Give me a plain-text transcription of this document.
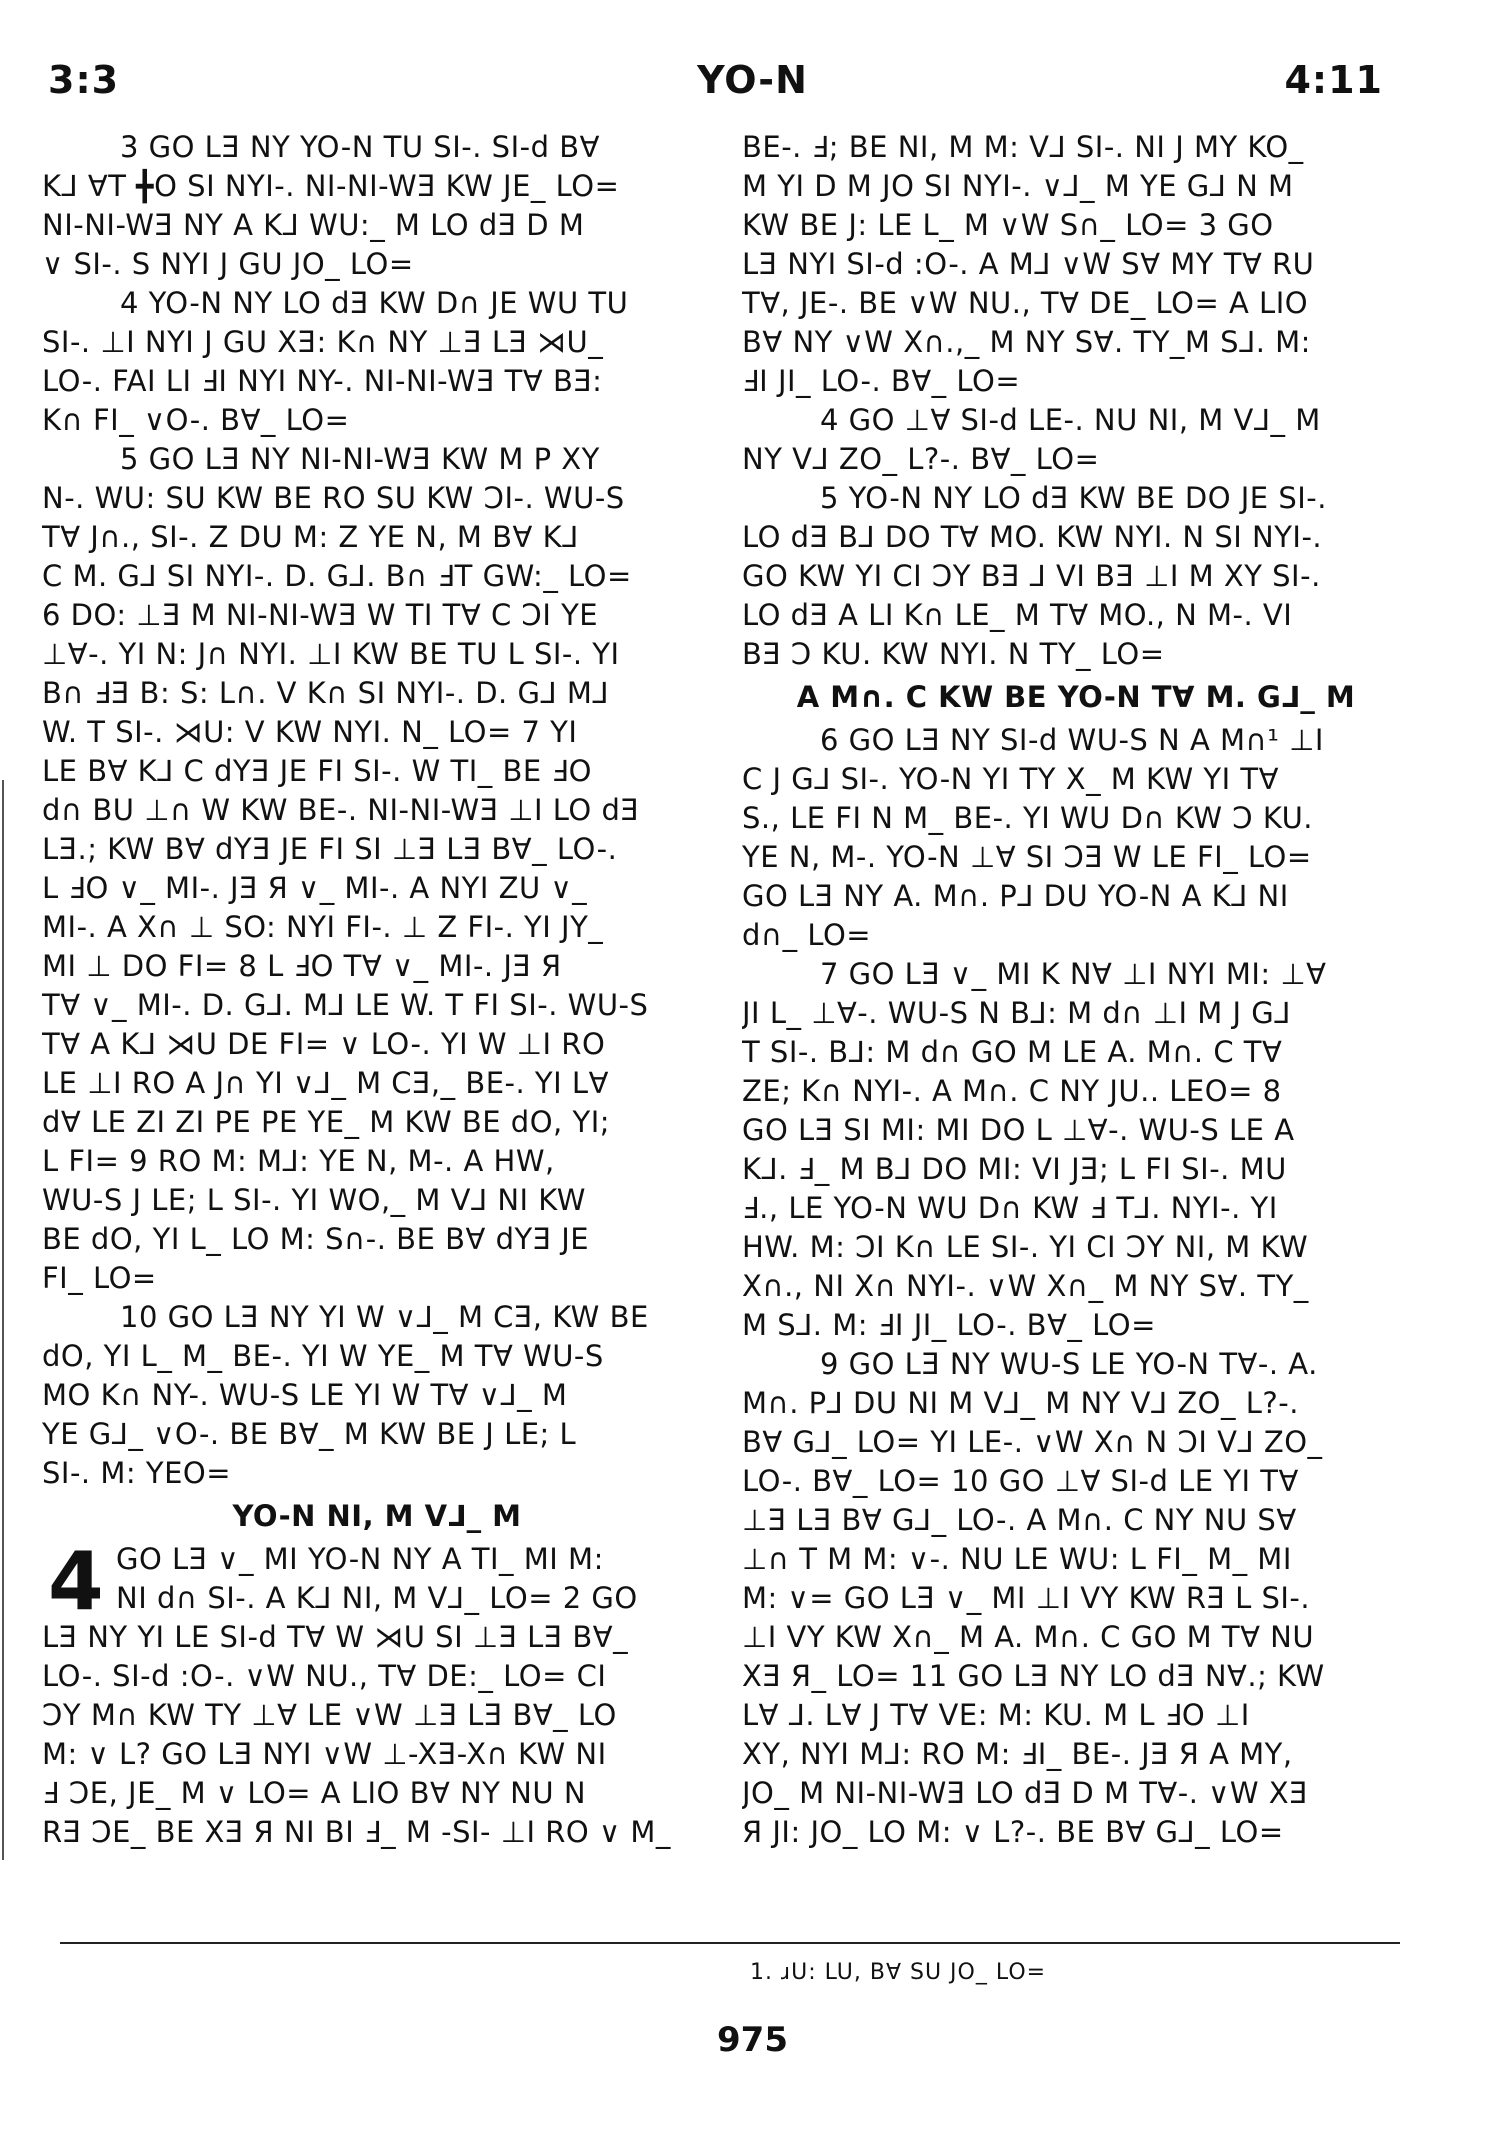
3:3	YO-N	4:11
3 GO LƎ NY YO-N TU SI-. SI-d B∀
K⅃ ∀T ╋O SI NYI-. NI-NI-WƎ KW JE_ LO=
NI-NI-WƎ NY A K⅃ WU:_ M LO dƎ D M
∨ SI-. S NYI J GU JO_ LO=
4 YO-N NY LO dƎ KW D∩ JE WU TU
SI-. ⊥I NYI J GU XƎ: K∩ NY ⊥Ǝ LƎ ⋊U_
LO-. FAI LI ℲI NYI NY-. NI-NI-WƎ T∀ BƎ:
K∩ FI_ ∨O-. B∀_ LO=
5 GO LƎ NY NI-NI-WƎ KW M P XY
N-. WU: SU KW BE RO SU KW ƆI-. WU-S
T∀ J∩., SI-. Z DU M: Z YE N, M B∀ K⅃
C M. G⅃ SI NYI-. D. G⅃. B∩ ℲT GW:_ LO=
6 DO: ⊥Ǝ M NI-NI-WƎ W TI T∀ C ƆI YE
⊥∀-. YI N: J∩ NYI. ⊥I KW BE TU L SI-. YI
B∩ ℲƎ B: S: L∩. V K∩ SI NYI-. D. G⅃ M⅃
W. T SI-. ⋊U: V KW NYI. N_ LO= 7 YI
LE B∀ K⅃ C dYƎ JE FI SI-. W TI_ BE ℲO
d∩ BU ⊥∩ W KW BE-. NI-NI-WƎ ⊥I LO dƎ
LƎ.; KW B∀ dYƎ JE FI SI ⊥Ǝ LƎ B∀_ LO-.
L ℲO ∨_ MI-. JƎ Я ∨_ MI-. A NYI ZU ∨_
MI-. A X∩ ⊥ SO: NYI FI-. ⊥ Z FI-. YI JY_
MI ⊥ DO FI= 8 L ℲO T∀ ∨_ MI-. JƎ Я
T∀ ∨_ MI-. D. G⅃. M⅃ LE W. T FI SI-. WU-S
T∀ A K⅃ ⋊U DE FI= ∨ LO-. YI W ⊥I RO
LE ⊥I RO A J∩ YI ∨⅃_ M CƎ,_ BE-. YI L∀
d∀ LE ZI ZI PE PE YE_ M KW BE dO, YI;
L FI= 9 RO M: M⅃: YE N, M-. A HW,
WU-S J LE; L SI-. YI WO,_ M V⅃ NI KW
BE dO, YI L_ LO M: S∩-. BE B∀ dYƎ JE
FI_ LO=
10 GO LƎ NY YI W ∨⅃_ M CƎ, KW BE
dO, YI L_ M_ BE-. YI W YE_ M T∀ WU-S
MO K∩ NY-. WU-S LE YI W T∀ ∨⅃_ M
YE G⅃_ ∨O-. BE B∀_ M KW BE J LE; L
SI-. M: YEO=
YO-N NI, M V⅃_ M
4 GO LƎ ∨_ MI YO-N NY A TI_ MI M:
NI d∩ SI-. A K⅃ NI, M V⅃_ LO= 2 GO
LƎ NY YI LE SI-d T∀ W ⋊U SI ⊥Ǝ LƎ B∀_
LO-. SI-d :O-. ∨W NU., T∀ DE:_ LO= CI
ƆY M∩ KW TY ⊥∀ LE ∨W ⊥Ǝ LƎ B∀_ LO
M: ∨ L? GO LƎ NYI ∨W ⊥-XƎ-X∩ KW NI
Ⅎ ƆE, JE_ M ∨ LO= A LIO B∀ NY NU N
RƎ ƆE_ BE XƎ Я NI BI Ⅎ_ M -SI- ⊥I RO ∨ M_
BE-. Ⅎ; BE NI, M M: V⅃ SI-. NI J MY KO_
M YI D M JO SI NYI-. ∨⅃_ M YE G⅃ N M
KW BE J: LE L_ M ∨W S∩_ LO= 3 GO
LƎ NYI SI-d :O-. A M⅃ ∨W S∀ MY T∀ RU
T∀, JE-. BE ∨W NU., T∀ DE_ LO= A LIO
B∀ NY ∨W X∩.,_ M NY S∀. TY_M S⅃. M:
ℲI JI_ LO-. B∀_ LO=
4 GO ⊥∀ SI-d LE-. NU NI, M V⅃_ M
NY V⅃ ZO_ L?-. B∀_ LO=
5 YO-N NY LO dƎ KW BE DO JE SI-.
LO dƎ B⅃ DO T∀ MO. KW NYI. N SI NYI-.
GO KW YI CI ƆY BƎ ⅃ VI BƎ ⊥I M XY SI-.
LO dƎ A LI K∩ LE_ M T∀ MO., N M-. VI
BƎ Ɔ KU. KW NYI. N TY_ LO=
A M∩. C KW BE YO-N T∀ M. G⅃_ M
6 GO LƎ NY SI-d WU-S N A M∩¹ ⊥I
C J G⅃ SI-. YO-N YI TY X_ M KW YI T∀
S., LE FI N M_ BE-. YI WU D∩ KW Ɔ KU.
YE N, M-. YO-N ⊥∀ SI ƆƎ W LE FI_ LO=
GO LƎ NY A. M∩. P⅃ DU YO-N A K⅃ NI
d∩_ LO=
7 GO LƎ ∨_ MI K N∀ ⊥I NYI MI: ⊥∀
JI L_ ⊥∀-. WU-S N B⅃: M d∩ ⊥I M J G⅃
T SI-. B⅃: M d∩ GO M LE A. M∩. C T∀
ZE; K∩ NYI-. A M∩. C NY JU.. LEO= 8
GO LƎ SI MI: MI DO L ⊥∀-. WU-S LE A
K⅃. Ⅎ_ M B⅃ DO MI: VI JƎ; L FI SI-. MU
Ⅎ., LE YO-N WU D∩ KW Ⅎ T⅃. NYI-. YI
HW. M: ƆI K∩ LE SI-. YI CI ƆY NI, M KW
X∩., NI X∩ NYI-. ∨W X∩_ M NY S∀. TY_
M S⅃. M: ℲI JI_ LO-. B∀_ LO=
9 GO LƎ NY WU-S LE YO-N T∀-. A.
M∩. P⅃ DU NI M V⅃_ M NY V⅃ ZO_ L?-.
B∀ G⅃_ LO= YI LE-. ∨W X∩ N ƆI V⅃ ZO_
LO-. B∀_ LO= 10 GO ⊥∀ SI-d LE YI T∀
⊥Ǝ LƎ B∀ G⅃_ LO-. A M∩. C NY NU S∀
⊥∩ T M M: ∨-. NU LE WU: L FI_ M_ MI
M: ∨= GO LƎ ∨_ MI ⊥I VY KW RƎ L SI-.
⊥I VY KW X∩_ M A. M∩. C GO M T∀ NU
XƎ Я_ LO= 11 GO LƎ NY LO dƎ N∀.; KW
L∀ ⅃. L∀ J T∀ VE: M: KU. M L ℲO ⊥I
XY, NYI M⅃: RO M: ℲI_ BE-. JƎ Я A MY,
JO_ M NI-NI-WƎ LO dƎ D M T∀-. ∨W XƎ
Я JI: JO_ LO M: ∨ L?-. BE B∀ G⅃_ LO=
1. ɹU: LU, B∀ SU JO_ LO=
975
